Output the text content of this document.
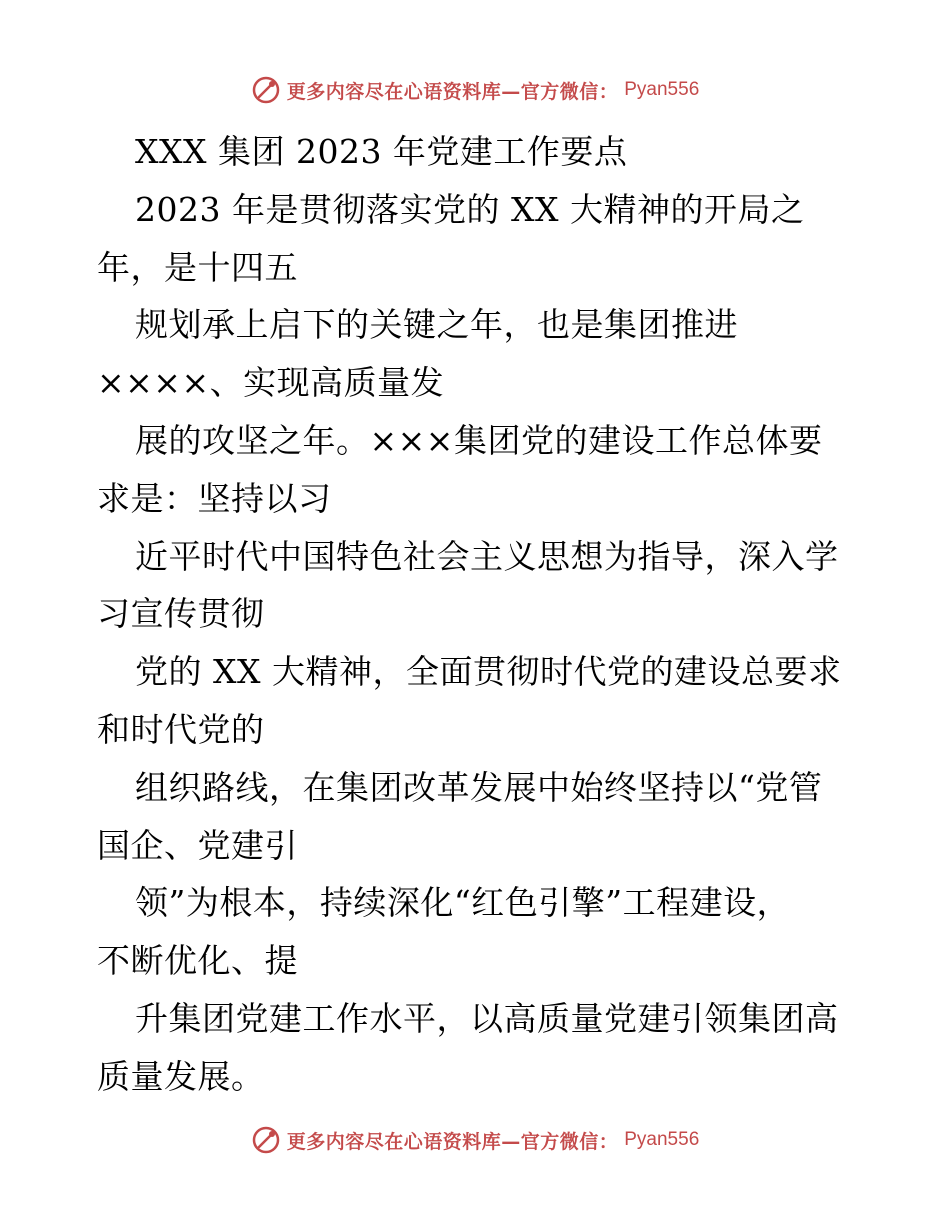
更多内容尽在心语资料库—官方微信： Pyan556
XXX 集团 2023 年党建工作要点
2023 年是贯彻落实党的 XX 大精神的开局之
年，是十四五
规划承上启下的关键之年，也是集团推进
××××、实现高质量发
展的攻坚之年。×××集团党的建设工作总体要
求是：坚持以习
近平时代中国特色社会主义思想为指导，深入学
习宣传贯彻
党的 XX 大精神，全面贯彻时代党的建设总要求
和时代党的
组织路线，在集团改革发展中始终坚持以“党管
国企、党建引
领”为根本，持续深化“红色引擎”工程建设，
不断优化、提
升集团党建工作水平，以高质量党建引领集团高
质量发展。
更多内容尽在心语资料库—官方微信： Pyan556
